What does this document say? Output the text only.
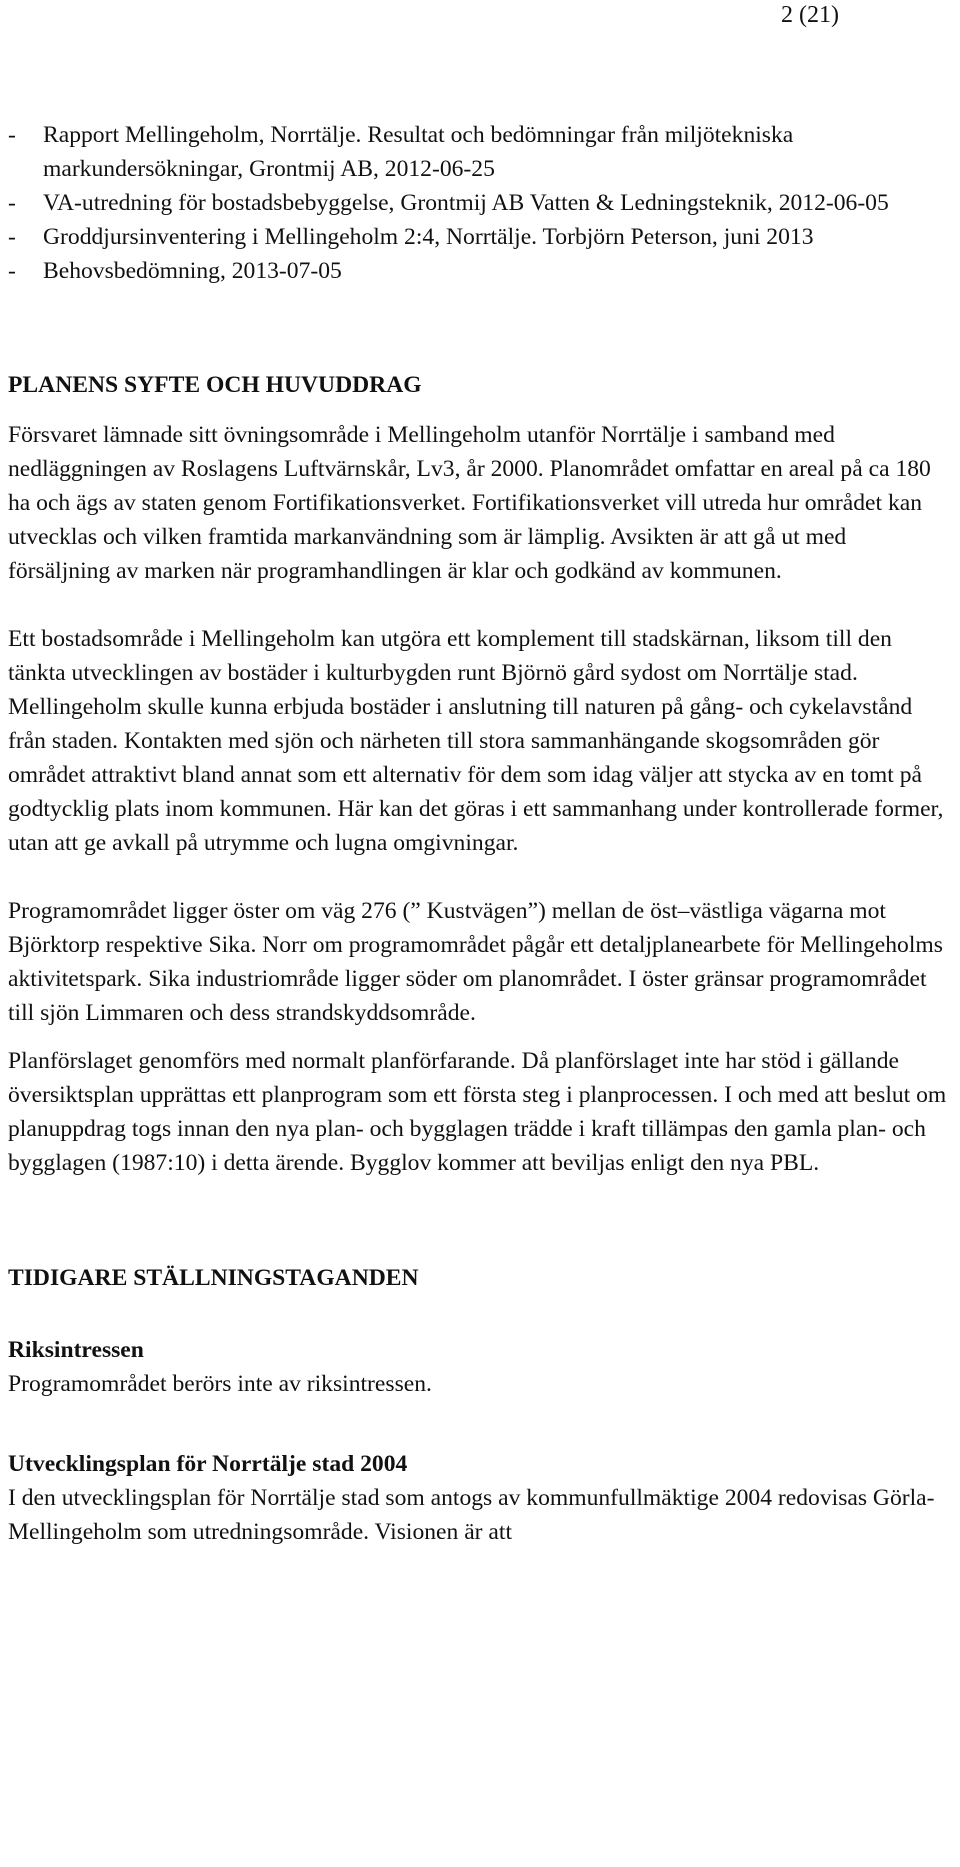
2 (21)
- Rapport Mellingeholm, Norrtälje. Resultat och bedömningar från miljötekniska markundersökningar, Grontmij AB, 2012-06-25
- VA-utredning för bostadsbebyggelse, Grontmij AB Vatten & Ledningsteknik, 2012-06-05
- Groddjursinventering i Mellingeholm 2:4, Norrtälje. Torbjörn Peterson, juni 2013
- Behovsbedömning, 2013-07-05
PLANENS SYFTE OCH HUVUDDRAG

Försvaret lämnade sitt övningsområde i Mellingeholm utanför Norrtälje i samband med nedläggningen av Roslagens Luftvärnskår, Lv3, år 2000. Planområdet omfattar en areal på ca 180 ha och ägs av staten genom Fortifikationsverket. Fortifikationsverket vill utreda hur området kan utvecklas och vilken framtida markanvändning som är lämplig. Avsikten är att gå ut med försäljning av marken när programhandlingen är klar och godkänd av kommunen.

Ett bostadsområde i Mellingeholm kan utgöra ett komplement till stadskärnan, liksom till den tänkta utvecklingen av bostäder i kulturbygden runt Björnö gård sydost om Norrtälje stad. Mellingeholm skulle kunna erbjuda bostäder i anslutning till naturen på gång- och cykelavstånd från staden. Kontakten med sjön och närheten till stora sammanhängande skogsområden gör området attraktivt bland annat som ett alternativ för dem som idag väljer att stycka av en tomt på godtycklig plats inom kommunen. Här kan det göras i ett sammanhang under kontrollerade former, utan att ge avkall på utrymme och lugna omgivningar.

Programområdet ligger öster om väg 276 (” Kustvägen”) mellan de öst–västliga vägarna mot Björktorp respektive Sika. Norr om programområdet pågår ett detaljplanearbete för Mellingeholms aktivitetspark. Sika industriområde ligger söder om planområdet. I öster gränsar programområdet till sjön Limmaren och dess strandskyddsområde.

Planförslaget genomförs med normalt planförfarande. Då planförslaget inte har stöd i gällande översiktsplan upprättas ett planprogram som ett första steg i planprocessen. I och med att beslut om planuppdrag togs innan den nya plan- och bygglagen trädde i kraft tillämpas den gamla plan- och bygglagen (1987:10) i detta ärende. Bygglov kommer att beviljas enligt den nya PBL.

TIDIGARE STÄLLNINGSTAGANDEN
Riksintressen

Programområdet berörs inte av riksintressen.

Utvecklingsplan för Norrtälje stad 2004

I den utvecklingsplan för Norrtälje stad som antogs av kommunfullmäktige 2004 redovisas Görla-Mellingeholm som utredningsområde. Visionen är att
